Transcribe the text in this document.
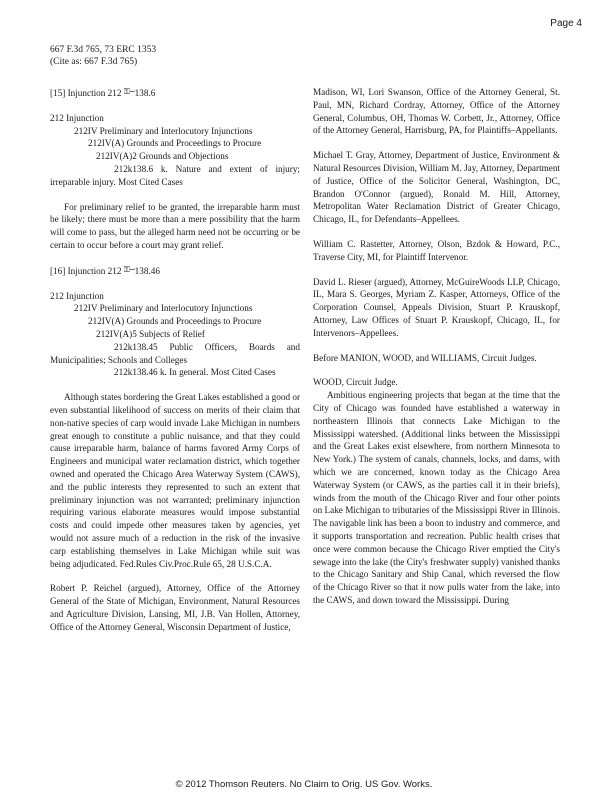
Page 4
667 F.3d 765, 73 ERC 1353
(Cite as: 667 F.3d 765)
[15] Injunction 212 ⚿─138.6
212 Injunction
212IV Preliminary and Interlocutory Injunctions
212IV(A) Grounds and Proceedings to Procure
212IV(A)2 Grounds and Objections
212k138.6 k. Nature and extent of injury; irreparable injury. Most Cited Cases

For preliminary relief to be granted, the irreparable harm must be likely; there must be more than a mere possibility that the harm will come to pass, but the alleged harm need not be occurring or be certain to occur before a court may grant relief.

[16] Injunction 212 ⚿─138.46
212 Injunction
212IV Preliminary and Interlocutory Injunctions
212IV(A) Grounds and Proceedings to Procure
212IV(A)5 Subjects of Relief
212k138.45 Public Officers, Boards and Municipalities; Schools and Colleges
212k138.46 k. In general. Most Cited Cases

Although states bordering the Great Lakes established a good or even substantial likelihood of success on merits of their claim that non-native species of carp would invade Lake Michigan in numbers great enough to constitute a public nuisance, and that they could cause irreparable harm, balance of harms favored Army Corps of Engineers and municipal water reclamation district, which together owned and operated the Chicago Area Waterway System (CAWS), and the public interests they represented to such an extent that preliminary injunction was not warranted; preliminary injunction requiring various elaborate measures would impose substantial costs and could impede other measures taken by agencies, yet would not assure much of a reduction in the risk of the invasive carp establishing themselves in Lake Michigan while suit was being adjudicated. Fed.Rules Civ.Proc.Rule 65, 28 U.S.C.A.

Robert P. Reichel (argued), Attorney, Office of the Attorney General of the State of Michigan, Environment, Natural Resources and Agriculture Division, Lansing, MI, J.B. Van Hollen, Attorney, Office of the Attorney General, Wisconsin Department of Justice,

Madison, WI, Lori Swanson, Office of the Attorney General, St. Paul, MN, Richard Cordray, Attorney, Office of the Attorney General, Columbus, OH, Thomas W. Corbett, Jr., Attorney, Office of the Attorney General, Harrisburg, PA, for Plaintiffs–Appellants.

Michael T. Gray, Attorney, Department of Justice, Environment & Natural Resources Division, William M. Jay, Attorney, Department of Justice, Office of the Solicitor General, Washington, DC, Brandon O'Connor (argued), Ronald M. Hill, Attorney, Metropolitan Water Reclamation District of Greater Chicago, Chicago, IL, for Defendants–Appellees.

William C. Rastetter, Attorney, Olson, Bzdok & Howard, P.C., Traverse City, MI, for Plaintiff Intervenor.

David L. Rieser (argued), Attorney, McGuireWoods LLP, Chicago, IL, Mara S. Georges, Myriam Z. Kasper, Attorneys, Office of the Corporation Counsel, Appeals Division, Stuart P. Krauskopf, Attorney, Law Offices of Stuart P. Krauskopf, Chicago, IL, for Intervenors–Appellees.

Before MANION, WOOD, and WILLIAMS, Circuit Judges.

WOOD, Circuit Judge.

Ambitious engineering projects that began at the time that the City of Chicago was founded have established a waterway in northeastern Illinois that connects Lake Michigan to the Mississippi watershed. (Additional links between the Mississippi and the Great Lakes exist elsewhere, from northern Minnesota to New York.) The system of canals, channels, locks, and dams, with which we are concerned, known today as the Chicago Area Waterway System (or CAWS, as the parties call it in their briefs), winds from the mouth of the Chicago River and four other points on Lake Michigan to tributaries of the Mississippi River in Illinois. The navigable link has been a boon to industry and commerce, and it supports transportation and recreation. Public health crises that once were common because the Chicago River emptied the City's sewage into the lake (the City's freshwater supply) vanished thanks to the Chicago Sanitary and Ship Canal, which reversed the flow of the Chicago River so that it now pulls water from the lake, into the CAWS, and down toward the Mississippi. During

© 2012 Thomson Reuters. No Claim to Orig. US Gov. Works.
